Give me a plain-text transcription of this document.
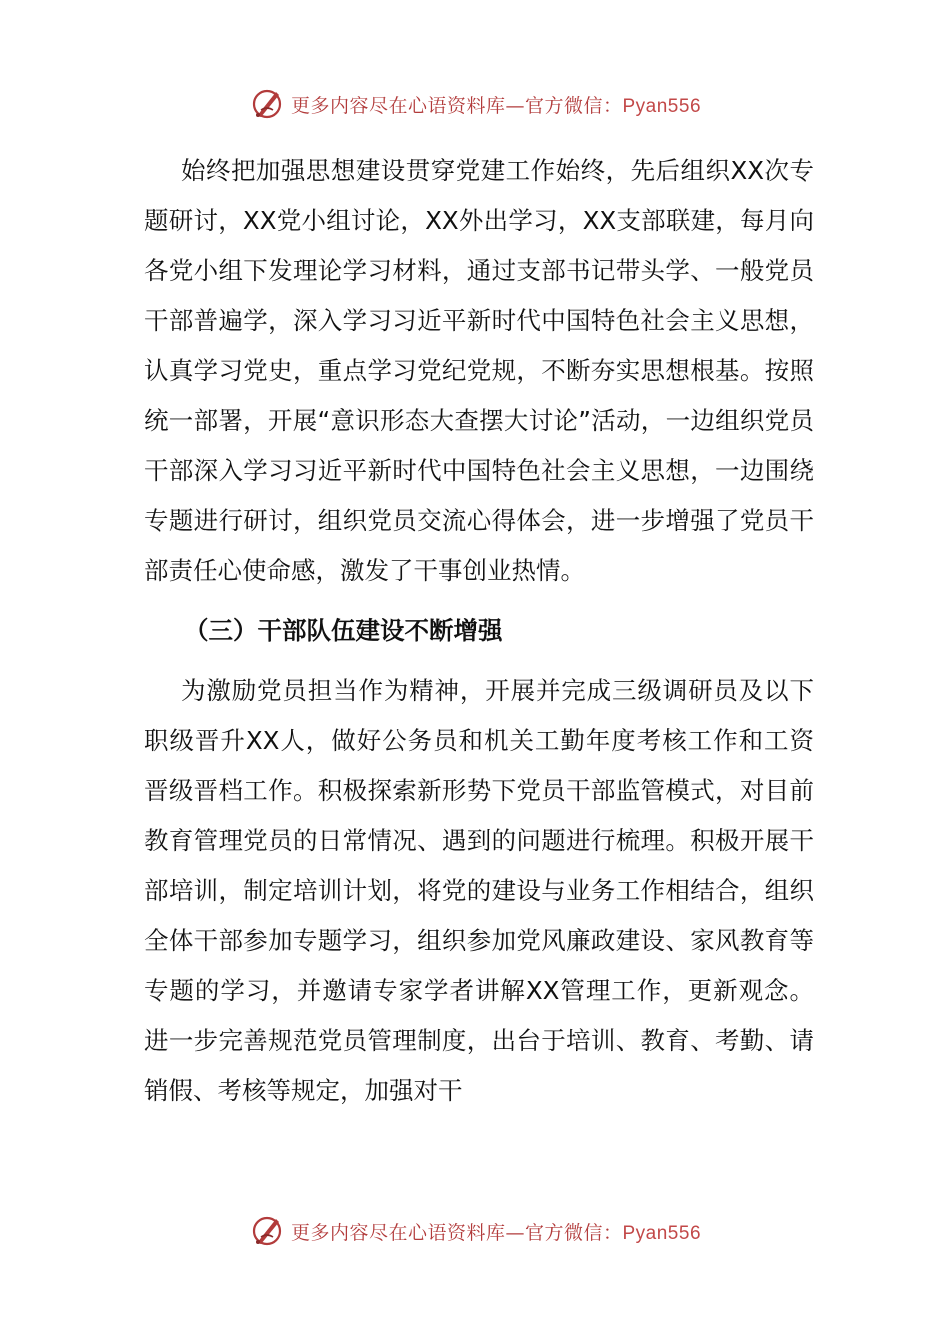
更多内容尽在心语资料库—官方微信：Pyan556

始终把加强思想建设贯穿党建工作始终，先后组织XX次专题研讨，XX党小组讨论，XX外出学习，XX支部联建，每月向各党小组下发理论学习材料，通过支部书记带头学、一般党员干部普遍学，深入学习习近平新时代中国特色社会主义思想，认真学习党史，重点学习党纪党规，不断夯实思想根基。按照统一部署，开展“意识形态大查摆大讨论”活动，一边组织党员干部深入学习习近平新时代中国特色社会主义思想，一边围绕专题进行研讨，组织党员交流心得体会，进一步增强了党员干部责任心使命感，激发了干事创业热情。

（三）干部队伍建设不断增强

为激励党员担当作为精神，开展并完成三级调研员及以下职级晋升XX人，做好公务员和机关工勤年度考核工作和工资晋级晋档工作。积极探索新形势下党员干部监管模式，对目前教育管理党员的日常情况、遇到的问题进行梳理。积极开展干部培训，制定培训计划，将党的建设与业务工作相结合，组织全体干部参加专题学习，组织参加党风廉政建设、家风教育等专题的学习，并邀请专家学者讲解XX管理工作，更新观念。进一步完善规范党员管理制度，出台于培训、教育、考勤、请销假、考核等规定，加强对干

更多内容尽在心语资料库—官方微信：Pyan556
